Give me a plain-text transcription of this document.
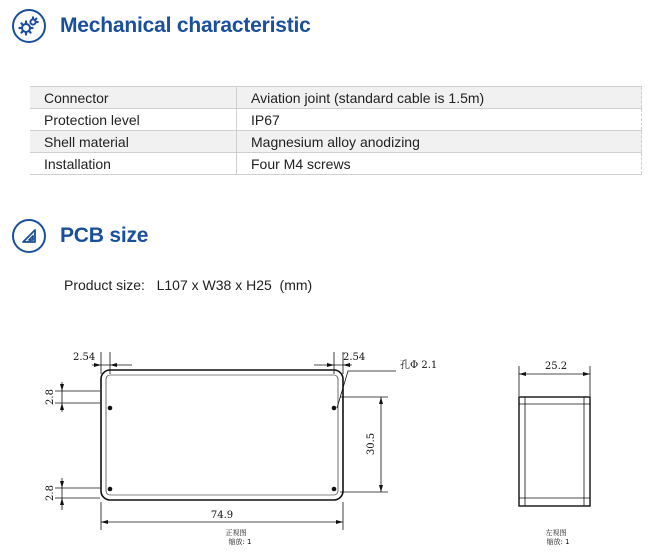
Mechanical characteristic
Connector	Aviation joint (standard cable is 1.5m)
Protection level	IP67
Shell material	Magnesium alloy anodizing
Installation	Four M4 screws
PCB size
Product size: L107 x W38 x H25  (mm)
2.54	2.54
孔Φ 2.1
2.8
2.8
30.5
74.9
25.2
正视图
缩放: 1
左视图
缩放: 1
